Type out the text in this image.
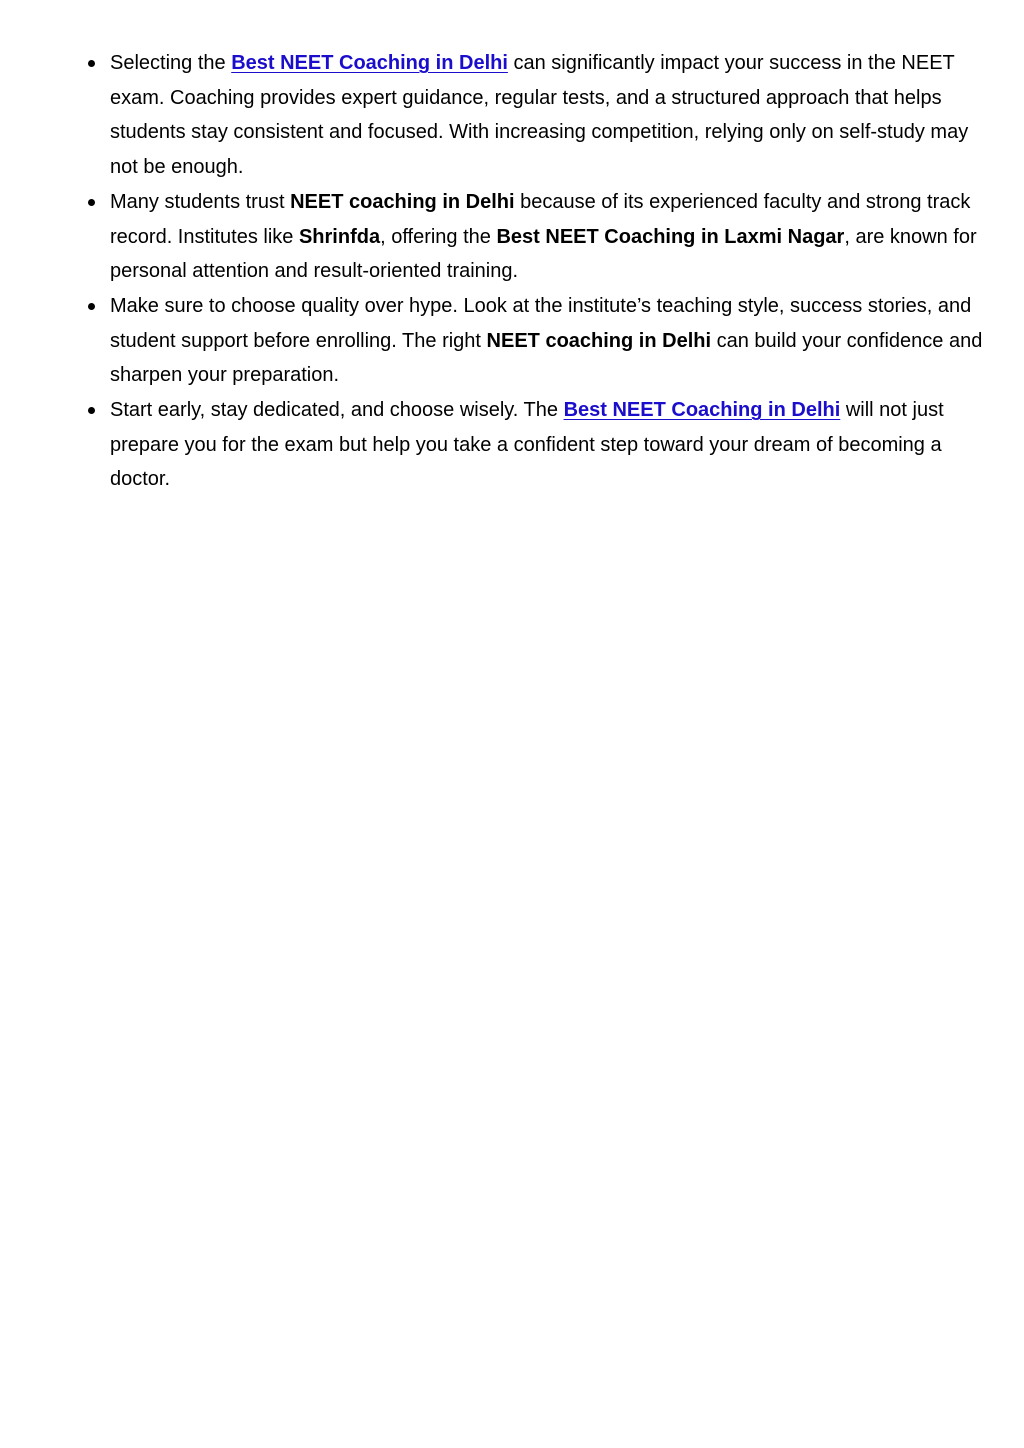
Selecting the Best NEET Coaching in Delhi can significantly impact your success in the NEET exam. Coaching provides expert guidance, regular tests, and a structured approach that helps students stay consistent and focused. With increasing competition, relying only on self-study may not be enough.
Many students trust NEET coaching in Delhi because of its experienced faculty and strong track record. Institutes like Shrinfda, offering the Best NEET Coaching in Laxmi Nagar, are known for personal attention and result-oriented training.
Make sure to choose quality over hype. Look at the institute’s teaching style, success stories, and student support before enrolling. The right NEET coaching in Delhi can build your confidence and sharpen your preparation.
Start early, stay dedicated, and choose wisely. The Best NEET Coaching in Delhi will not just prepare you for the exam but help you take a confident step toward your dream of becoming a doctor.
